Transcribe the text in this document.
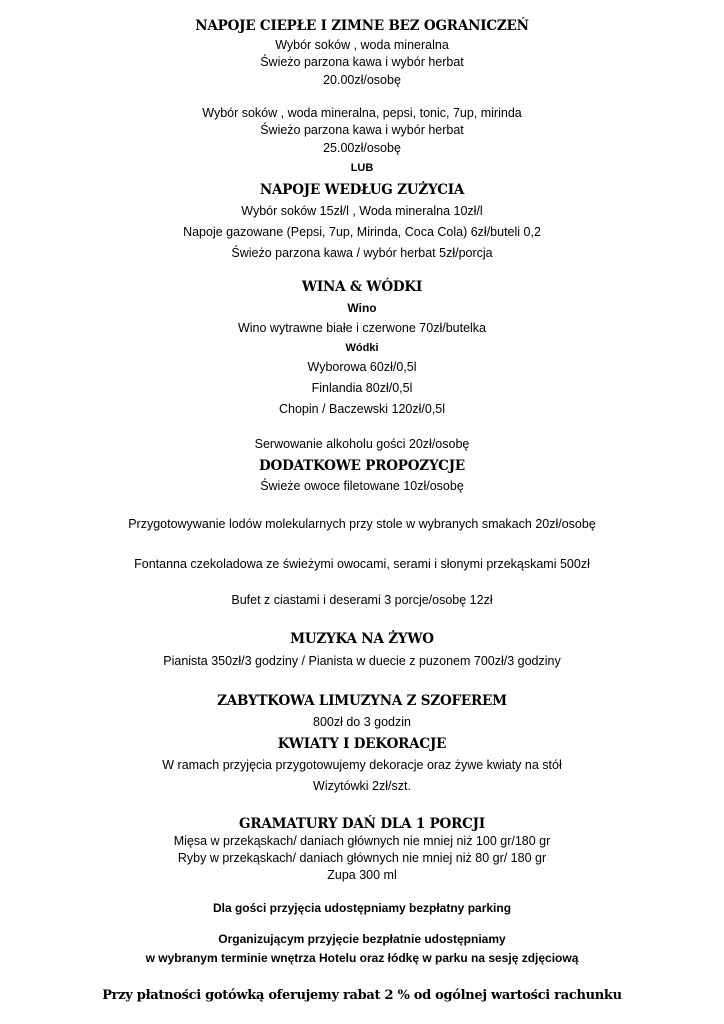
NAPOJE CIEPŁE I ZIMNE BEZ OGRANICZEŃ
Wybór soków , woda mineralna
Świeżo parzona kawa i wybór herbat
20.00zł/osobę
Wybór soków , woda mineralna, pepsi, tonic, 7up, mirinda
Świeżo parzona kawa i wybór herbat
25.00zł/osobę
LUB
NAPOJE WEDŁUG ZUŻYCIA
Wybór soków 15zł/l , Woda mineralna 10zł/l
Napoje gazowane (Pepsi, 7up, Mirinda, Coca Cola) 6zł/buteli 0,2
Świeżo parzona kawa / wybór herbat 5zł/porcja
WINA & WÓDKI
Wino
Wino wytrawne białe i czerwone 70zł/butelka
Wódki
Wyborowa 60zł/0,5l
Finlandia 80zł/0,5l
Chopin / Baczewski 120zł/0,5l
Serwowanie alkoholu gości 20zł/osobę
DODATKOWE PROPOZYCJE
Świeże owoce filetowane 10zł/osobę
Przygotowywanie lodów molekularnych przy stole w wybranych smakach 20zł/osobę
Fontanna czekoladowa ze świeżymi owocami, serami i słonymi przekąskami 500zł
Bufet z ciastami i deserami 3 porcje/osobę 12zł
MUZYKA NA ŻYWO
Pianista 350zł/3 godziny / Pianista w duecie z puzonem 700zł/3 godziny
ZABYTKOWA LIMUZYNA Z SZOFEREM
800zł do 3 godzin
KWIATY I DEKORACJE
W ramach przyjęcia przygotowujemy dekoracje oraz żywe kwiaty na stół
Wizytówki 2zł/szt.
GRAMATURY DAŃ DLA 1 PORCJI
Mięsa w przekąskach/ daniach głównych nie mniej niż 100 gr/180 gr
Ryby w przekąskach/ daniach głównych nie mniej niż 80 gr/ 180 gr
Zupa 300 ml
Dla gości przyjęcia udostępniamy bezpłatny parking
Organizującym przyjęcie bezpłatnie udostępniamy
w wybranym terminie wnętrza Hotelu oraz łódkę w parku na sesję zdjęciową
Przy płatności gotówką oferujemy rabat 2 % od ogólnej wartości rachunku
